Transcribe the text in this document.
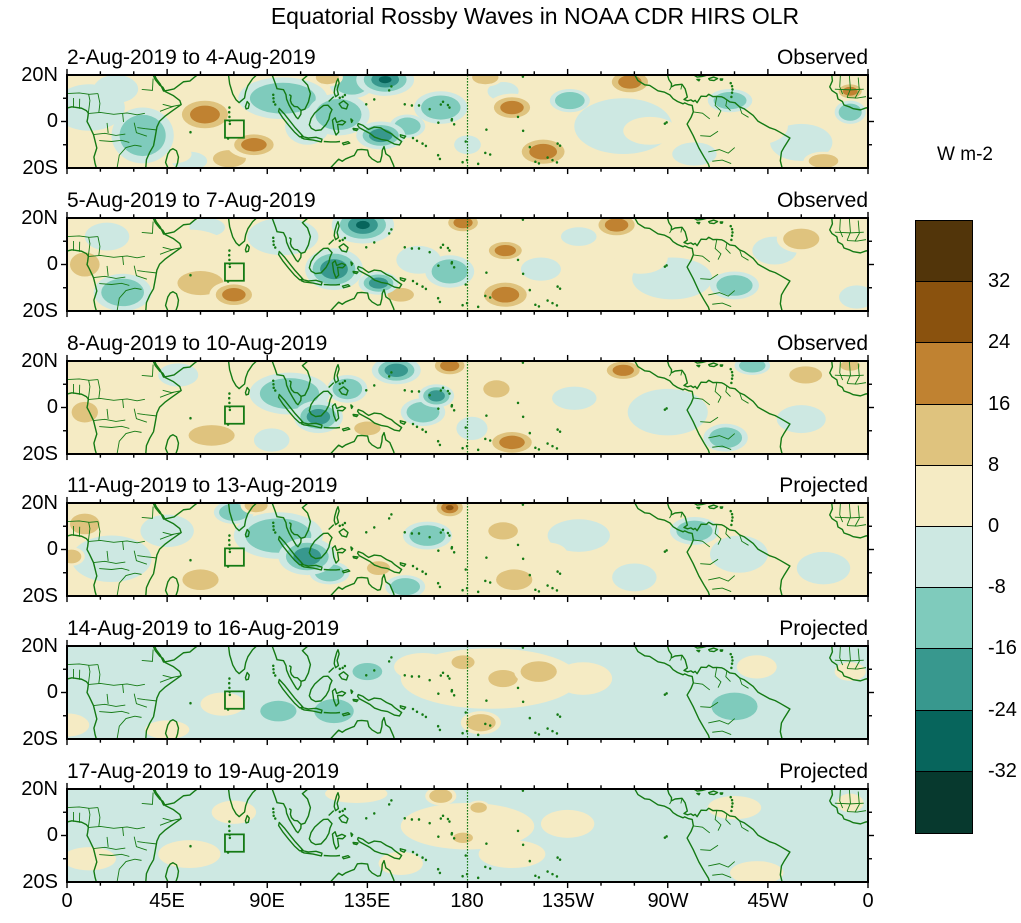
Equatorial Rossby Waves in NOAA CDR HIRS OLR
2-Aug-2019 to 4-Aug-2019	Observed
20N
0
20S
5-Aug-2019 to 7-Aug-2019	Observed
20N
0
20S
8-Aug-2019 to 10-Aug-2019	Observed
20N
0
20S
11-Aug-2019 to 13-Aug-2019	Projected
20N
0
20S
14-Aug-2019 to 16-Aug-2019	Projected
20N
0
20S
17-Aug-2019 to 19-Aug-2019	Projected
20N
0
20S
0	45E	90E	135E	180	135W	90W	45W	0
W m-2
32
24
16
8
0
-8
-16
-24
-32
